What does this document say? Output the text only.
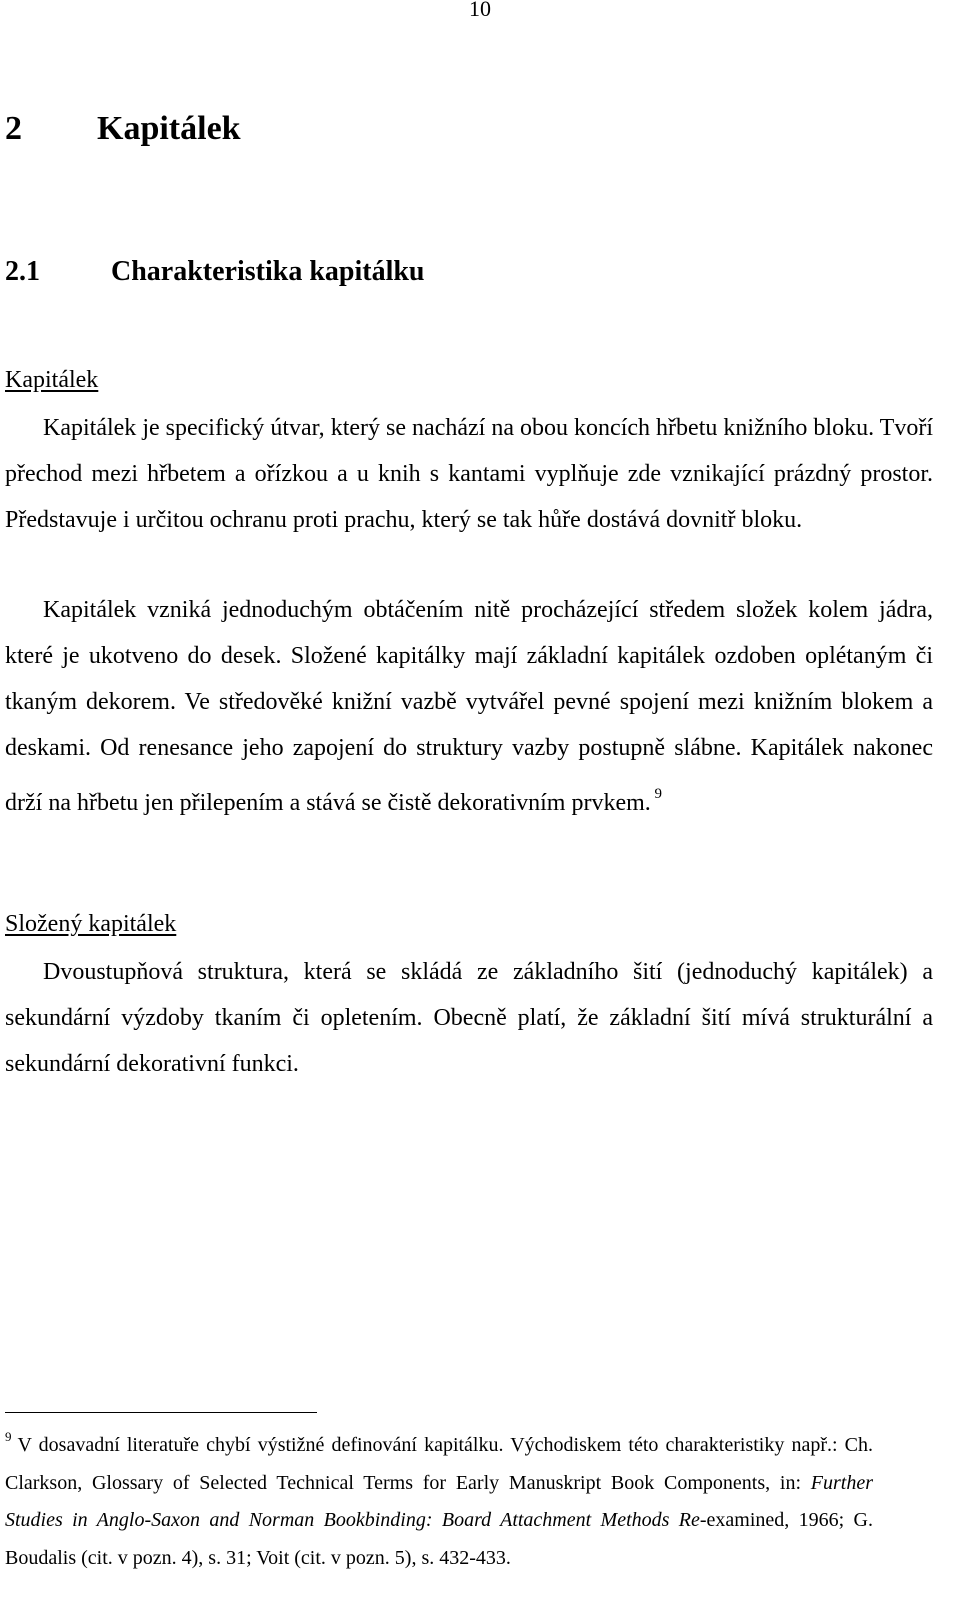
10
2 Kapitálek
2.1	Charakteristika kapitálku
Kapitálek

Kapitálek je specifický útvar, který se nachází na obou koncích hřbetu knižního bloku. Tvoří přechod mezi hřbetem a ořízkou a u knih s kantami vyplňuje zde vznikající prázdný prostor. Představuje i určitou ochranu proti prachu, který se tak hůře dostává dovnitř bloku.

Kapitálek vzniká jednoduchým obtáčením nitě procházející středem složek kolem jádra, které je ukotveno do desek. Složené kapitálky mají základní kapitálek ozdoben oplétaným či tkaným dekorem. Ve středověké knižní vazbě vytvářel pevné spojení mezi knižním blokem a deskami. Od renesance jeho zapojení do struktury vazby postupně slábne. Kapitálek nakonec drží na hřbetu jen přilepením a stává se čistě dekorativním prvkem. $^9$

Složený kapitálek

Dvoustupňová struktura, která se skládá ze základního šití (jednoduchý kapitálek) a sekundární výzdoby tkaním či opletením. Obecně platí, že základní šití mívá strukturální a sekundární dekorativní funkci.

$^9$ V dosavadní literatuře chybí výstižné definování kapitálku. Východiskem této charakteristiky např.: Ch. Clarkson, Glossary of Selected Technical Terms for Early Manuskript Book Components, in: Further Studies in Anglo-Saxon and Norman Bookbinding: Board Attachment Methods Re-examined, 1966; G. Boudalis (cit. v pozn. 4), s. 31; Voit (cit. v pozn. 5), s. 432-433.
